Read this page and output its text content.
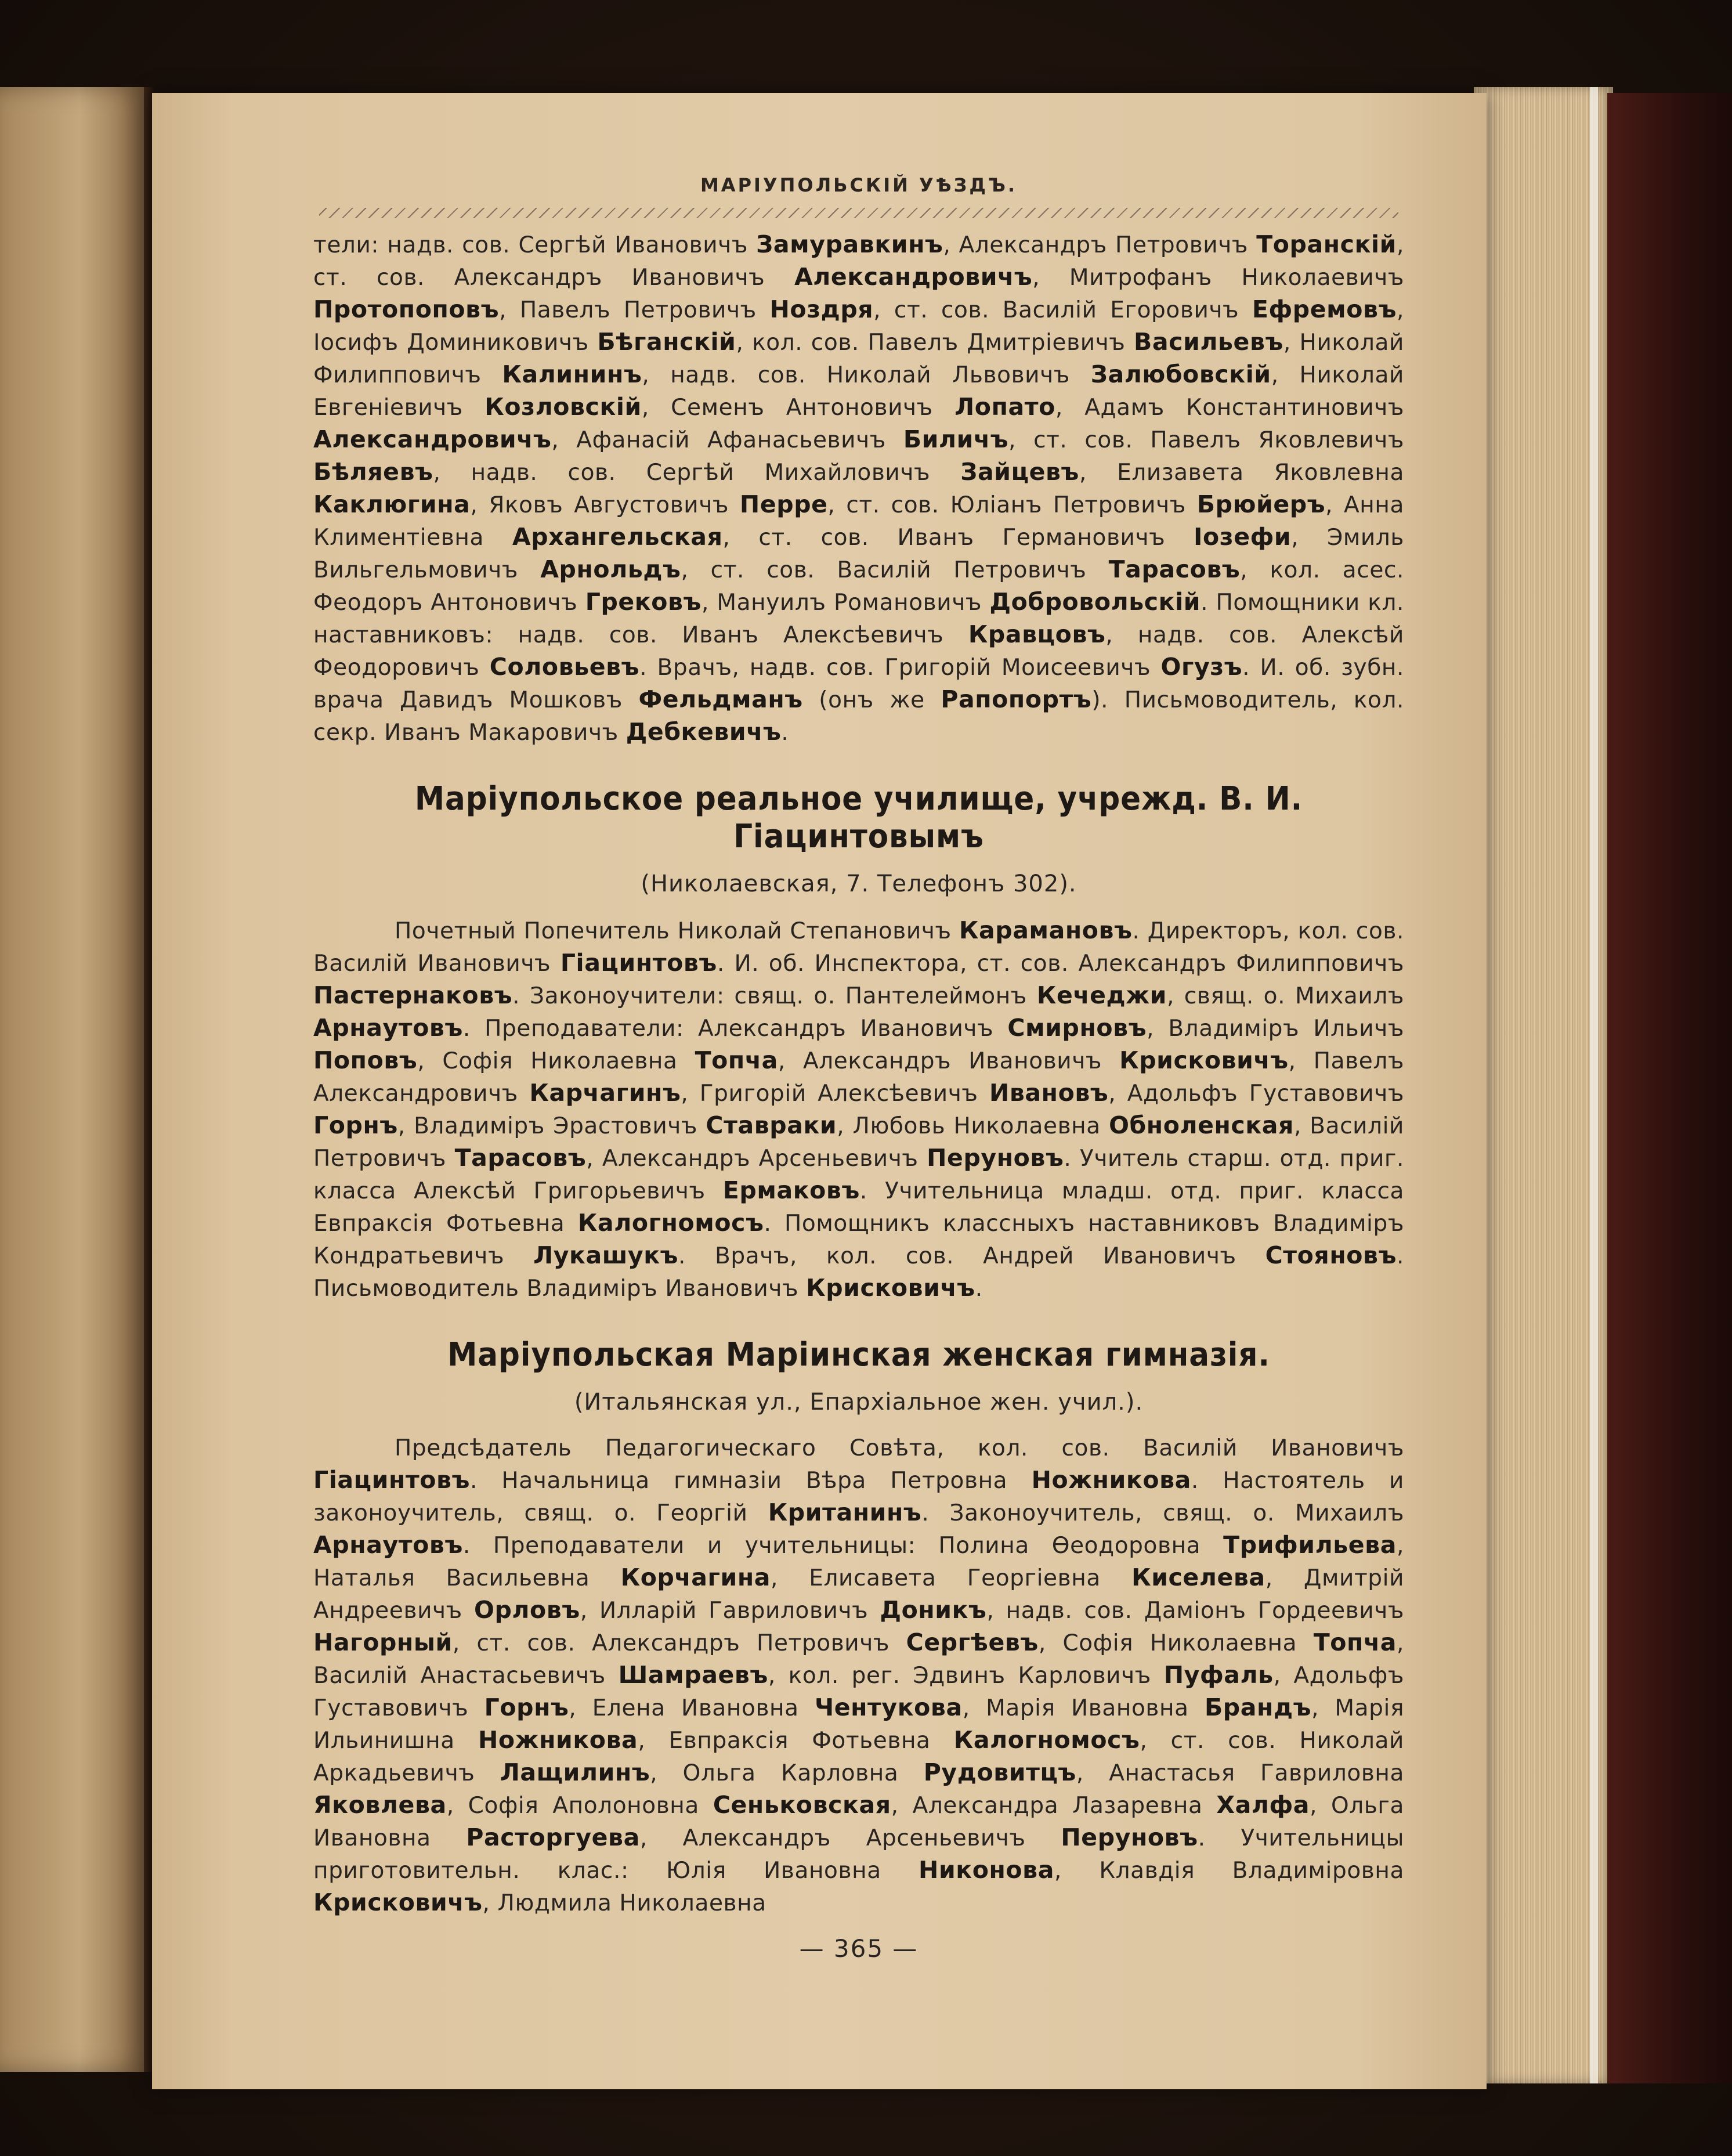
МАРІУПОЛЬСКІЙ УѢЗДЪ.

тели: надв. сов. Сергѣй Ивановичъ Замуравкинъ, Александръ Петровичъ Торанскій, ст. сов. Александръ Ивановичъ Александровичъ, Митрофанъ Николаевичъ Протопоповъ, Павелъ Петровичъ Ноздря, ст. сов. Василій Егоровичъ Ефремовъ, Іосифъ Доминиковичъ Бѣганскій, кол. сов. Павелъ Дмитріевичъ Васильевъ, Николай Филипповичъ Калининъ, надв. сов. Николай Львовичъ Залюбовскій, Николай Евгеніевичъ Козловскій, Семенъ Антоновичъ Лопато, Адамъ Константиновичъ Александровичъ, Афанасій Афанасьевичъ Биличъ, ст. сов. Павелъ Яковлевичъ Бѣляевъ, надв. сов. Сергѣй Михайловичъ Зайцевъ, Елизавета Яковлевна Каклюгина, Яковъ Августовичъ Перре, ст. сов. Юліанъ Петровичъ Брюйеръ, Анна Климентіевна Архангельская, ст. сов. Иванъ Германовичъ Іозефи, Эмиль Вильгельмовичъ Арнольдъ, ст. сов. Василій Петровичъ Тарасовъ, кол. асес. Феодоръ Антоновичъ Грековъ, Мануилъ Романовичъ Добровольскій. Помощники кл. наставниковъ: надв. сов. Иванъ Алексѣевичъ Кравцовъ, надв. сов. Алексѣй Феодоровичъ Соловьевъ. Врачъ, надв. сов. Григорій Моисеевичъ Огузъ. И. об. зубн. врача Давидъ Мошковъ Фельдманъ (онъ же Рапопортъ). Письмоводитель, кол. секр. Иванъ Макаровичъ Дебкевичъ.

Маріупольское реальное училище, учрежд. В. И. Гіацинтовымъ
(Николаевская, 7. Телефонъ 302).

Почетный Попечитель Николай Степановичъ Карамановъ. Директоръ, кол. сов. Василій Ивановичъ Гіацинтовъ. И. об. Инспектора, ст. сов. Александръ Филипповичъ Пастернаковъ. Законоучители: свящ. о. Пантелеймонъ Кечеджи, свящ. о. Михаилъ Арнаутовъ. Преподаватели: Александръ Ивановичъ Смирновъ, Владиміръ Ильичъ Поповъ, Софія Николаевна Топча, Александръ Ивановичъ Крисковичъ, Павелъ Александровичъ Карчагинъ, Григорій Алексѣевичъ Ивановъ, Адольфъ Густавовичъ Горнъ, Владиміръ Эрастовичъ Ставраки, Любовь Николаевна Обноленская, Василій Петровичъ Тарасовъ, Александръ Арсеньевичъ Перуновъ. Учитель старш. отд. приг. класса Алексѣй Григорьевичъ Ермаковъ. Учительница младш. отд. приг. класса Евпраксія Фотьевна Калогномосъ. Помощникъ классныхъ наставниковъ Владиміръ Кондратьевичъ Лукашукъ. Врачъ, кол. сов. Андрей Ивановичъ Стояновъ. Письмоводитель Владиміръ Ивановичъ Крисковичъ.

Маріупольская Маріинская женская гимназія.
(Итальянская ул., Епархіальное жен. учил.).

Предсѣдатель Педагогическаго Совѣта, кол. сов. Василій Ивановичъ Гіацинтовъ. Начальница гимназіи Вѣра Петровна Ножникова. Настоятель и законоучитель, свящ. о. Георгій Кританинъ. Законоучитель, свящ. о. Михаилъ Арнаутовъ. Преподаватели и учительницы: Полина Ѳеодоровна Трифильева, Наталья Васильевна Корчагина, Елисавета Георгіевна Киселева, Дмитрій Андреевичъ Орловъ, Илларій Гавриловичъ Доникъ, надв. сов. Даміонъ Гордеевичъ Нагорный, ст. сов. Александръ Петровичъ Сергѣевъ, Софія Николаевна Топча, Василій Анастасьевичъ Шамраевъ, кол. рег. Эдвинъ Карловичъ Пуфаль, Адольфъ Густавовичъ Горнъ, Елена Ивановна Чентукова, Марія Ивановна Брандъ, Марія Ильинишна Ножникова, Евпраксія Фотьевна Калогномосъ, ст. сов. Николай Аркадьевичъ Лащилинъ, Ольга Карловна Рудовитцъ, Анастасья Гавриловна Яковлева, Софія Аполоновна Сеньковская, Александра Лазаревна Халфа, Ольга Ивановна Расторгуева, Александръ Арсеньевичъ Перуновъ. Учительницы приготовительн. клас.: Юлія Ивановна Никонова, Клавдія Владиміровна Крисковичъ, Людмила Николаевна

— 365 —
